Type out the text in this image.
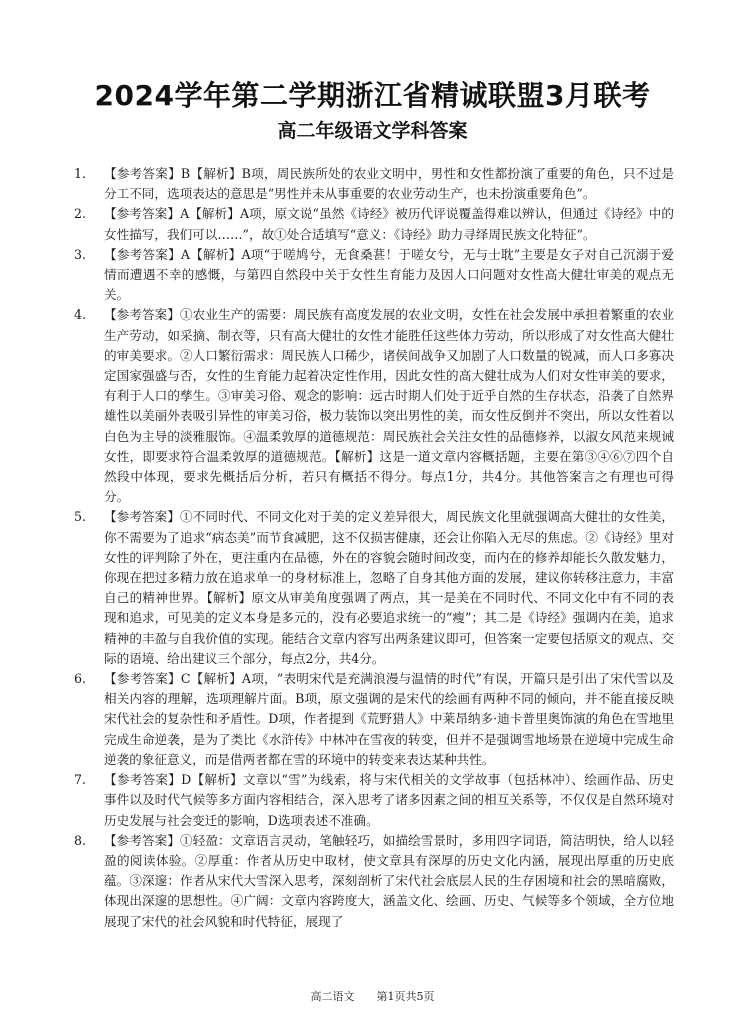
2024学年第二学期浙江省精诚联盟3月联考
高二年级语文学科答案
1.	【参考答案】B【解析】B项，周民族所处的农业文明中，男性和女性都扮演了重要的角色，只不过是分工不同，选项表达的意思是“男性并未从事重要的农业劳动生产，也未扮演重要角色”。
2.	【参考答案】A【解析】A项，原文说“虽然《诗经》被历代评说覆盖得难以辨认，但通过《诗经》中的女性描写，我们可以……”，故①处合适填写“意义：《诗经》助力寻绎周民族文化特征”。
3.	【参考答案】A【解析】A项“于嗟鸠兮，无食桑葚！于嗟女兮，无与士耽”主要是女子对自己沉溺于爱情而遭遇不幸的感慨，与第四自然段中关于女性生育能力及因人口问题对女性高大健壮审美的观点无关。
4.	【参考答案】①农业生产的需要：周民族有高度发展的农业文明，女性在社会发展中承担着繁重的农业生产劳动，如采摘、制衣等，只有高大健壮的女性才能胜任这些体力劳动，所以形成了对女性高大健壮的审美要求。②人口繁衍需求：周民族人口稀少，诸侯间战争又加剧了人口数量的锐减，而人口多寡决定国家强盛与否，女性的生育能力起着决定性作用，因此女性的高大健壮成为人们对女性审美的要求，有利于人口的孳生。③审美习俗、观念的影响：远古时期人们处于近乎自然的生存状态，沿袭了自然界雄性以美丽外表吸引异性的审美习俗，极力装饰以突出男性的美，而女性反倒并不突出，所以女性着以白色为主导的淡雅服饰。④温柔敦厚的道德规范：周民族社会关注女性的品德修养，以淑女风范来规诫女性，即要求符合温柔敦厚的道德规范。【解析】这是一道文章内容概括题，主要在第③④⑥⑦四个自然段中体现，要求先概括后分析，若只有概括不得分。每点1分，共4分。其他答案言之有理也可得分。
5.	【参考答案】①不同时代、不同文化对于美的定义差异很大，周民族文化里就强调高大健壮的女性美，你不需要为了追求“病态美”而节食减肥，这不仅损害健康，还会让你陷入无尽的焦虑。②《诗经》里对女性的评判除了外在，更注重内在品德，外在的容貌会随时间改变，而内在的修养却能长久散发魅力，你现在把过多精力放在追求单一的身材标准上，忽略了自身其他方面的发展，建议你转移注意力，丰富自己的精神世界。【解析】原文从审美角度强调了两点，其一是美在不同时代、不同文化中有不同的表现和追求，可见美的定义本身是多元的，没有必要追求统一的“瘦”；其二是《诗经》强调内在美，追求精神的丰盈与自我价值的实现。能结合文章内容写出两条建议即可，但答案一定要包括原文的观点、交际的语境、给出建议三个部分，每点2分，共4分。
6.	【参考答案】C【解析】A项，“表明宋代是充满浪漫与温情的时代”有误，开篇只是引出了宋代雪以及相关内容的理解，选项理解片面。B项，原文强调的是宋代的绘画有两种不同的倾向，并不能直接反映宋代社会的复杂性和矛盾性。D项，作者提到《荒野猎人》中莱昂纳多·迪卡普里奥饰演的角色在雪地里完成生命逆袭，是为了类比《水浒传》中林冲在雪夜的转变，但并不是强调雪地场景在逆境中完成生命逆袭的象征意义，而是借两者都在雪的环境中的转变来表达某种共性。
7.	【参考答案】D【解析】文章以“雪”为线索，将与宋代相关的文学故事（包括林冲）、绘画作品、历史事件以及时代气候等多方面内容相结合，深入思考了诸多因素之间的相互关系等，不仅仅是自然环境对历史发展与社会变迁的影响，D选项表述不准确。
8.	【参考答案】①轻盈：文章语言灵动，笔触轻巧，如描绘雪景时，多用四字词语，简洁明快，给人以轻盈的阅读体验。②厚重：作者从历史中取材，使文章具有深厚的历史文化内涵，展现出厚重的历史底蕴。③深邃：作者从宋代大雪深入思考，深刻剖析了宋代社会底层人民的生存困境和社会的黑暗腐败，体现出深邃的思想性。④广阔：文章内容跨度大，涵盖文化、绘画、历史、气候等多个领域，全方位地展现了宋代的社会风貌和时代特征，展现了
高二语文 第1页共5页
